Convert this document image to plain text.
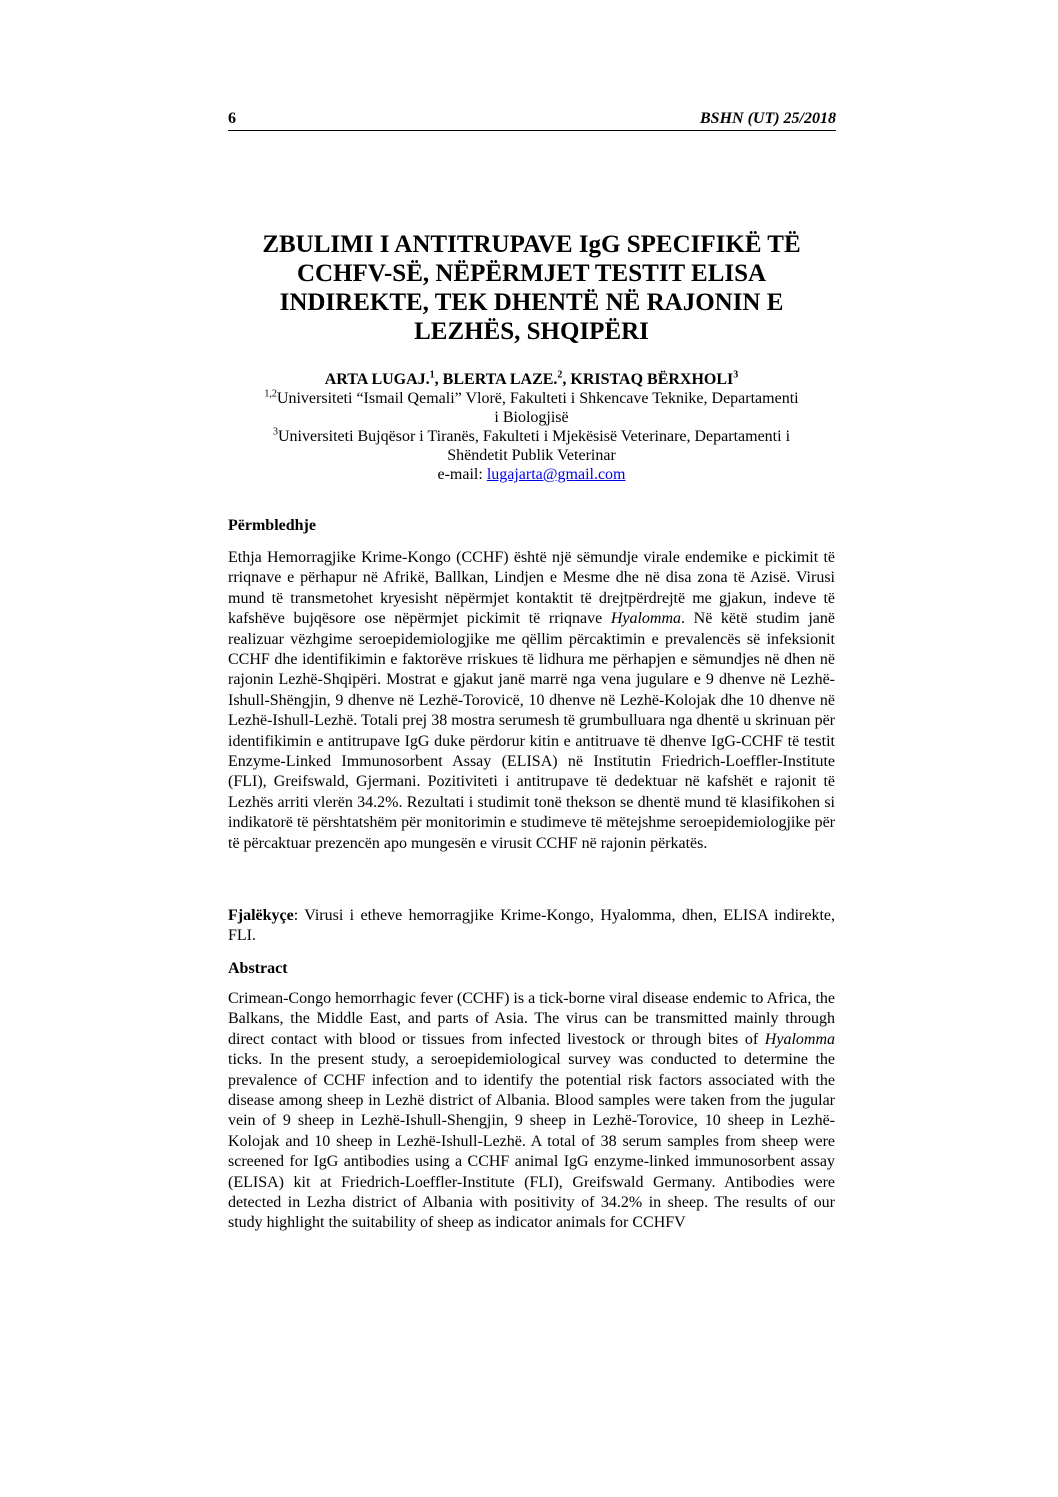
6	BSHN (UT) 25/2018
ZBULIMI I ANTITRUPAVE IgG SPECIFIKË TË
CCHFV-SË, NËPËRMJET TESTIT ELISA
INDIREKTE, TEK DHENTË NË RAJONIN E
LEZHËS, SHQIPËRI
ARTA LUGAJ.$^1$, BLERTA LAZE.$^2$, KRISTAQ BËRXHOLI$^3$
$^{1,2}$Universiteti “Ismail Qemali” Vlorë, Fakulteti i Shkencave Teknike, Departamenti
i Biologjisë
$^3$Universiteti Bujqësor i Tiranës, Fakulteti i Mjekësisë Veterinare, Departamenti i
Shëndetit Publik Veterinar
e-mail: lugajarta@gmail.com
Përmbledhje

Ethja Hemorragjike Krime-Kongo (CCHF) është një sëmundje virale endemike e pickimit të rriqnave e përhapur në Afrikë, Ballkan, Lindjen e Mesme dhe në disa zona të Azisë. Virusi mund të transmetohet kryesisht nëpërmjet kontaktit të drejtpërdrejtë me gjakun, indeve të kafshëve bujqësore ose nëpërmjet pickimit të rriqnave Hyalomma. Në këtë studim janë realizuar vëzhgime seroepidemiologjike me qëllim përcaktimin e prevalencës së infeksionit CCHF dhe identifikimin e faktorëve rriskues të lidhura me përhapjen e sëmundjes në dhen në rajonin Lezhë-Shqipëri. Mostrat e gjakut janë marrë nga vena jugulare e 9 dhenve në Lezhë-Ishull-Shëngjin, 9 dhenve në Lezhë-Torovicë, 10 dhenve në Lezhë-Kolojak dhe 10 dhenve në Lezhë-Ishull-Lezhë. Totali prej 38 mostra serumesh të grumbulluara nga dhentë u skrinuan për identifikimin e antitrupave IgG duke përdorur kitin e antitruave të dhenve IgG-CCHF të testit Enzyme-Linked Immunosorbent Assay (ELISA) në Institutin Friedrich-Loeffler-Institute (FLI), Greifswald, Gjermani. Pozitiviteti i antitrupave të dedektuar në kafshët e rajonit të Lezhës arriti vlerën 34.2%. Rezultati i studimit tonë thekson se dhentë mund të klasifikohen si indikatorë të përshtatshëm për monitorimin e studimeve të mëtejshme seroepidemiologjike për të përcaktuar prezencën apo mungesën e virusit CCHF në rajonin përkatës.

Fjalëkyçe: Virusi i etheve hemorragjike Krime-Kongo, Hyalomma, dhen, ELISA indirekte, FLI.

Abstract

Crimean-Congo hemorrhagic fever (CCHF) is a tick-borne viral disease endemic to Africa, the Balkans, the Middle East, and parts of Asia. The virus can be transmitted mainly through direct contact with blood or tissues from infected livestock or through bites of Hyalomma ticks. In the present study, a seroepidemiological survey was conducted to determine the prevalence of CCHF infection and to identify the potential risk factors associated with the disease among sheep in Lezhë district of Albania. Blood samples were taken from the jugular vein of 9 sheep in Lezhë-Ishull-Shengjin, 9 sheep in Lezhë-Torovice, 10 sheep in Lezhë-Kolojak and 10 sheep in Lezhë-Ishull-Lezhë. A total of 38 serum samples from sheep were screened for IgG antibodies using a CCHF animal IgG enzyme-linked immunosorbent assay (ELISA) kit at Friedrich-Loeffler-Institute (FLI), Greifswald Germany. Antibodies were detected in Lezha district of Albania with positivity of 34.2% in sheep. The results of our study highlight the suitability of sheep as indicator animals for CCHFV
